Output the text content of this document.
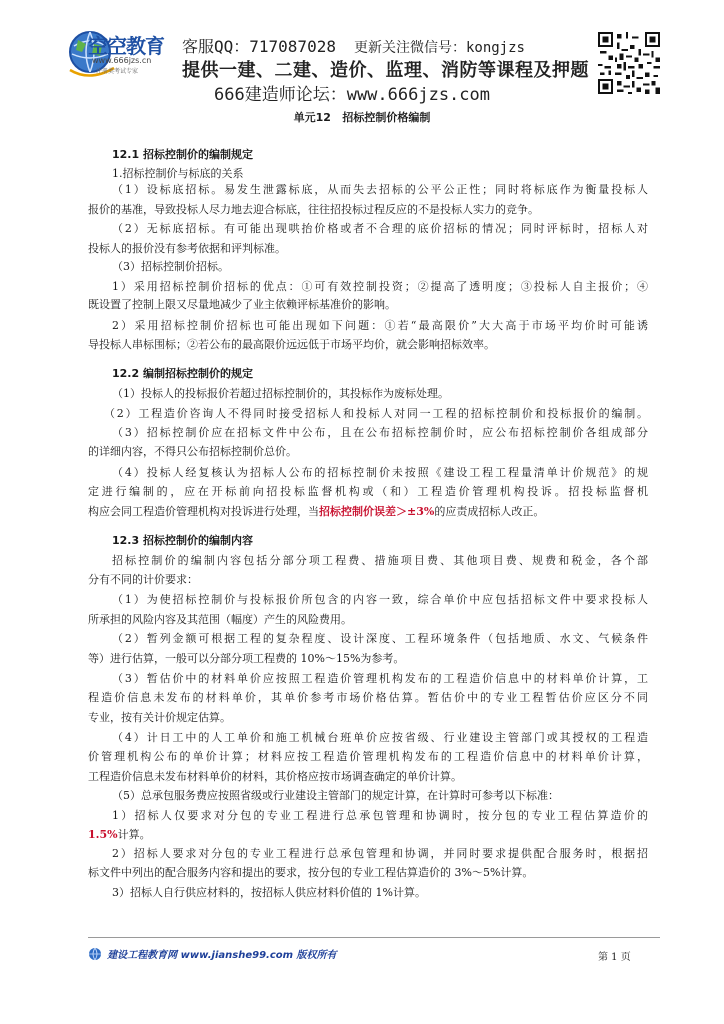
空空教育
www.666jzs.cn
注册类考试专家
客服QQ：717087028 更新关注微信号：kongjzs
提供一建、二建、造价、监理、消防等课程及押题
666建造师论坛：www.666jzs.com
单元12   招标控制价格编制
12.1 招标控制价的编制规定
1.招标控制价与标底的关系
（1）设标底招标。易发生泄露标底，从而失去招标的公平公正性；同时将标底作为衡量投标人
报价的基准，导致投标人尽力地去迎合标底，往往招投标过程反应的不是投标人实力的竞争。
（2）无标底招标。有可能出现哄抬价格或者不合理的底价招标的情况；同时评标时，招标人对
投标人的报价没有参考依据和评判标准。
（3）招标控制价招标。
1）采用招标控制价招标的优点：①可有效控制投资；②提高了透明度；③投标人自主报价；④
既设置了控制上限又尽量地减少了业主依赖评标基准价的影响。
2）采用招标控制价招标也可能出现如下问题：①若“最高限价”大大高于市场平均价时可能诱
导投标人串标围标；②若公布的最高限价远远低于市场平均价，就会影响招标效率。
12.2 编制招标控制价的规定
（1）投标人的投标报价若超过招标控制价的，其投标作为废标处理。
（2）工程造价咨询人不得同时接受招标人和投标人对同一工程的招标控制价和投标报价的编制。
（3）招标控制价应在招标文件中公布，且在公布招标控制价时，应公布招标控制价各组成部分
的详细内容，不得只公布招标控制价总价。
（4）投标人经复核认为招标人公布的招标控制价未按照《建设工程工程量清单计价规范》的规
定进行编制的，应在开标前向招投标监督机构或（和）工程造价管理机构投诉。招投标监督机
构应会同工程造价管理机构对投诉进行处理，当招标控制价误差＞±3%的应责成招标人改正。
12.3 招标控制价的编制内容
招标控制价的编制内容包括分部分项工程费、措施项目费、其他项目费、规费和税金，各个部
分有不同的计价要求：
（1）为使招标控制价与投标报价所包含的内容一致，综合单价中应包括招标文件中要求投标人
所承担的风险内容及其范围（幅度）产生的风险费用。
（2）暂列金额可根据工程的复杂程度、设计深度、工程环境条件（包括地质、水文、气候条件
等）进行估算，一般可以分部分项工程费的 10%～15%为参考。
（3）暂估价中的材料单价应按照工程造价管理机构发布的工程造价信息中的材料单价计算，工
程造价信息未发布的材料单价，其单价参考市场价格估算。暂估价中的专业工程暂估价应区分不同
专业，按有关计价规定估算。
（4）计日工中的人工单价和施工机械台班单价应按省级、行业建设主管部门或其授权的工程造
价管理机构公布的单价计算；材料应按工程造价管理机构发布的工程造价信息中的材料单价计算，
工程造价信息未发布材料单价的材料，其价格应按市场调查确定的单价计算。
（5）总承包服务费应按照省级或行业建设主管部门的规定计算，在计算时可参考以下标准：
1）招标人仅要求对分包的专业工程进行总承包管理和协调时，按分包的专业工程估算造价的
1.5%计算。
2）招标人要求对分包的专业工程进行总承包管理和协调，并同时要求提供配合服务时，根据招
标文件中列出的配合服务内容和提出的要求，按分包的专业工程估算造价的 3%～5%计算。
3）招标人自行供应材料的，按招标人供应材料价值的 1%计算。
建设工程教育网 www.jianshe99.com 版权所有	第 1 页
